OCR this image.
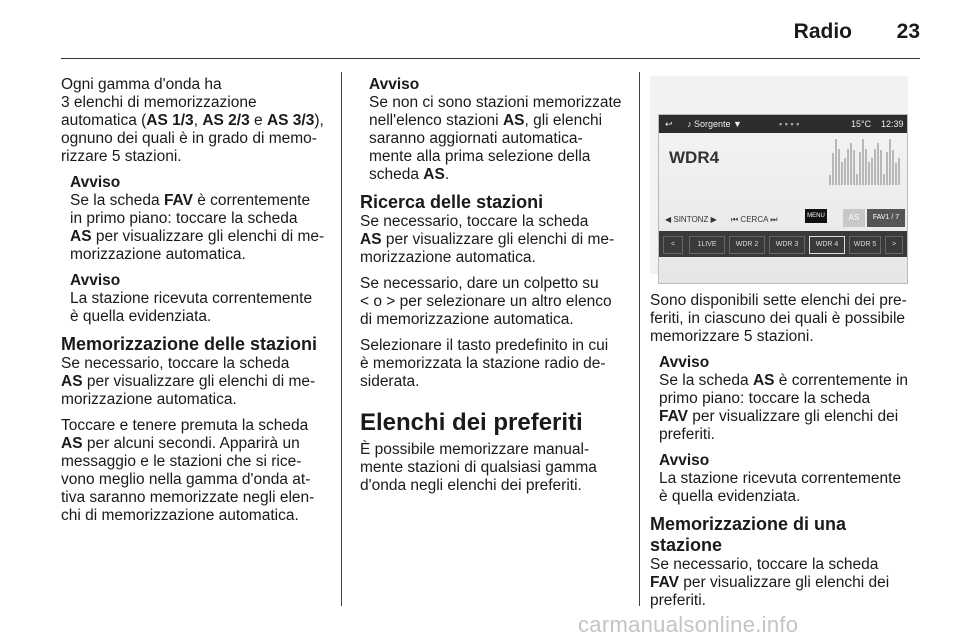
Radio	23

Ogni gamma d'onda ha
3 elenchi di memorizzazione
automatica (AS 1/3, AS 2/3 e AS 3/3),
ognuno dei quali è in grado di memo-
rizzare 5 stazioni.

Avviso
Se la scheda FAV è correntemente
in primo piano: toccare la scheda
AS per visualizzare gli elenchi di me-
morizzazione automatica.
Avviso
La stazione ricevuta correntemente
è quella evidenziata.
Memorizzazione delle stazioni

Se necessario, toccare la scheda
AS per visualizzare gli elenchi di me-
morizzazione automatica.

Toccare e tenere premuta la scheda
AS per alcuni secondi. Apparirà un
messaggio e le stazioni che si rice-
vono meglio nella gamma d'onda at-
tiva saranno memorizzate negli elen-
chi di memorizzazione automatica.

Avviso
Se non ci sono stazioni memorizzate
nell'elenco stazioni AS, gli elenchi
saranno aggiornati automatica-
mente alla prima selezione della
scheda AS.
Ricerca delle stazioni

Se necessario, toccare la scheda
AS per visualizzare gli elenchi di me-
morizzazione automatica.

Se necessario, dare un colpetto su
< o > per selezionare un altro elenco
di memorizzazione automatica.

Selezionare il tasto predefinito in cui
è memorizzata la stazione radio de-
siderata.

Elenchi dei preferiti

È possibile memorizzare manual-
mente stazioni di qualsiasi gamma
d'onda negli elenchi dei preferiti.

↩ ♪ Sorgente ▼	▪ ▪ ▪ ▪	15°C 12:39
WDR4
◀ SINTONZ ▶ ⏮ CERCA ⏭	MENU	AS	FAV1 / 7
<	1LIVE	WDR 2	WDR 3	WDR 4	WDR 5	>

Sono disponibili sette elenchi dei pre-
feriti, in ciascuno dei quali è possibile
memorizzare 5 stazioni.

Avviso
Se la scheda AS è correntemente in
primo piano: toccare la scheda
FAV per visualizzare gli elenchi dei
preferiti.
Avviso
La stazione ricevuta correntemente
è quella evidenziata.
Memorizzazione di una stazione

Se necessario, toccare la scheda
FAV per visualizzare gli elenchi dei
preferiti.

carmanualsonline.info
